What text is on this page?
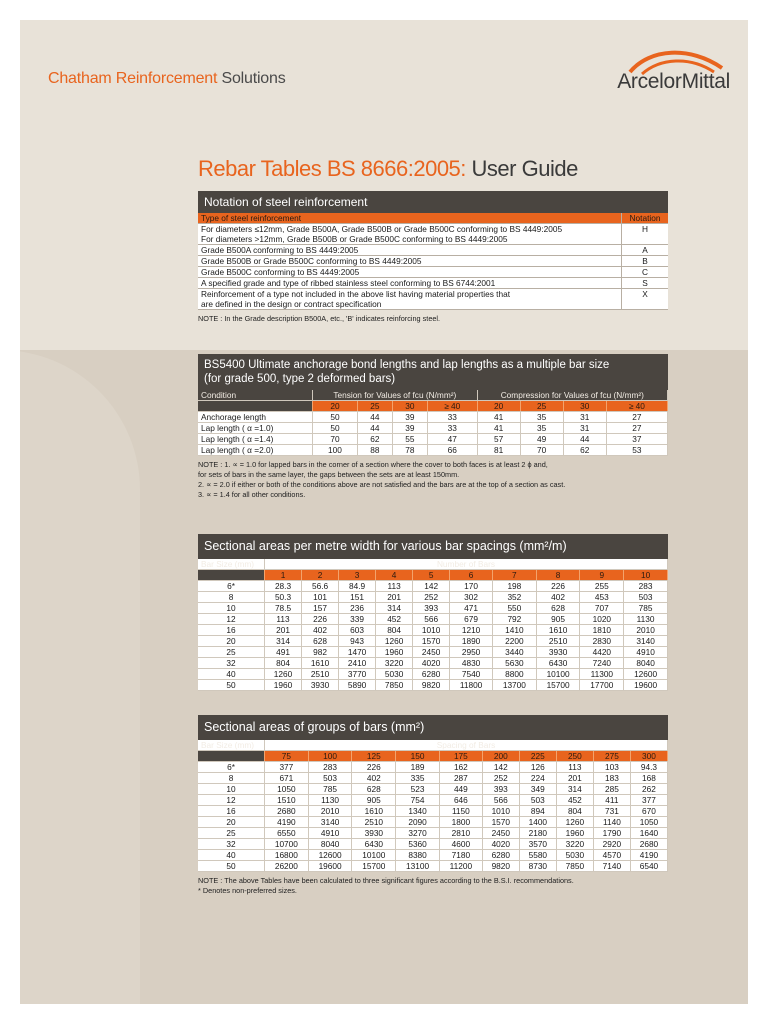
Chatham Reinforcement Solutions	ArcelorMittal
Rebar Tables BS 8666:2005: User Guide
Notation of steel reinforcement
Type of steel reinforcement	Notation
For diameters ≤12mm, Grade B500A, Grade B500B or Grade B500C conforming to BS 4449:2005	H
For diameters >12mm, Grade B500B or Grade B500C conforming to BS 4449:2005	
Grade B500A conforming to BS 4449:2005	A
Grade B500B or Grade B500C conforming to BS 4449:2005	B
Grade B500C conforming to BS 4449:2005	C
A specified grade and type of ribbed stainless steel conforming to BS 6744:2001	S
Reinforcement of a type not included in the above list having material properties that	X
are defined in the design or contract specification	
NOTE : In the Grade description B500A, etc., 'B' indicates reinforcing steel.
BS5400 Ultimate anchorage bond lengths and lap lengths as a multiple bar size
(for grade 500, type 2 deformed bars)
Condition	Tension for Values of fcu (N/mm²)				Compression for Values of fcu (N/mm²)			
	20	25	30	≥ 40	20	25	30	≥ 40
Anchorage length	50	44	39	33	41	35	31	27
Lap length ( α =1.0)	50	44	39	33	41	35	31	27
Lap length ( α =1.4)	70	62	55	47	57	49	44	37
Lap length ( α =2.0)	100	88	78	66	81	70	62	53
NOTE : 1. ∝ = 1.0 for lapped bars in the corner of a section where the cover to both faces is at least 2 ϕ and,
for sets of bars in the same layer, the gaps between the sets are at least 150mm.
2. ∝ = 2.0 if either or both of the conditions above are not satisfied and the bars are at the top of a section as cast.
3. ∝ = 1.4 for all other conditions.
Sectional areas per metre width for various bar spacings (mm²/m)
Bar Size (mm)	Number of Bars									
	1	2	3	4	5	6	7	8	9	10
6*	28.3	56.6	84.9	113	142	170	198	226	255	283
8	50.3	101	151	201	252	302	352	402	453	503
10	78.5	157	236	314	393	471	550	628	707	785
12	113	226	339	452	566	679	792	905	1020	1130
16	201	402	603	804	1010	1210	1410	1610	1810	2010
20	314	628	943	1260	1570	1890	2200	2510	2830	3140
25	491	982	1470	1960	2450	2950	3440	3930	4420	4910
32	804	1610	2410	3220	4020	4830	5630	6430	7240	8040
40	1260	2510	3770	5030	6280	7540	8800	10100	11300	12600
50	1960	3930	5890	7850	9820	11800	13700	15700	17700	19600
Sectional areas of groups of bars (mm²)
Bar Size (mm)	Spacing of Bars									
	75	100	125	150	175	200	225	250	275	300
6*	377	283	226	189	162	142	126	113	103	94.3
8	671	503	402	335	287	252	224	201	183	168
10	1050	785	628	523	449	393	349	314	285	262
12	1510	1130	905	754	646	566	503	452	411	377
16	2680	2010	1610	1340	1150	1010	894	804	731	670
20	4190	3140	2510	2090	1800	1570	1400	1260	1140	1050
25	6550	4910	3930	3270	2810	2450	2180	1960	1790	1640
32	10700	8040	6430	5360	4600	4020	3570	3220	2920	2680
40	16800	12600	10100	8380	7180	6280	5580	5030	4570	4190
50	26200	19600	15700	13100	11200	9820	8730	7850	7140	6540
NOTE : The above Tables have been calculated to three significant figures according to the B.S.I. recommendations.
* Denotes non-preferred sizes.
